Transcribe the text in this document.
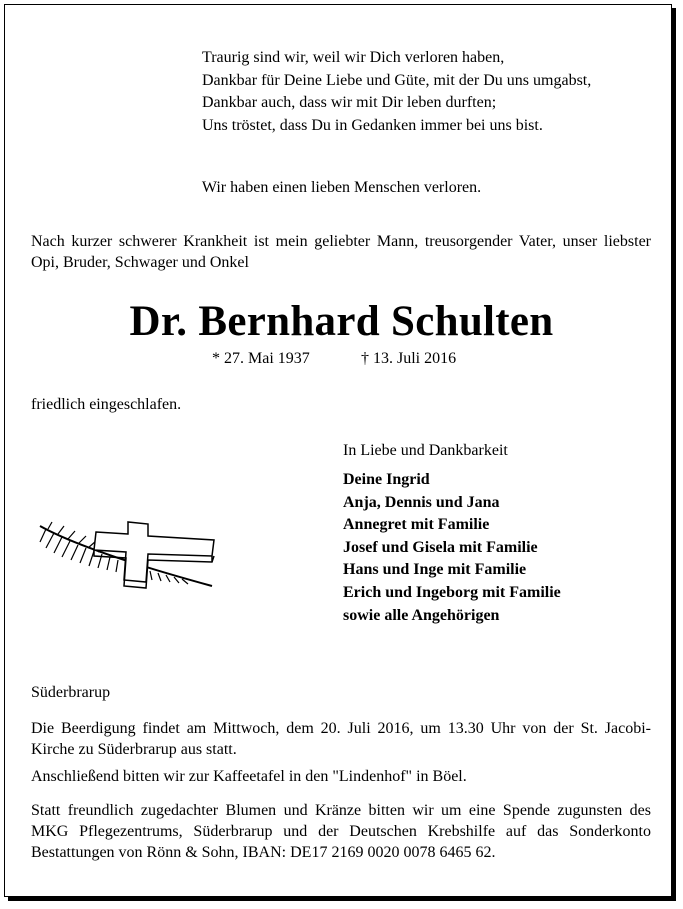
Traurig sind wir, weil wir Dich verloren haben,
Dankbar für Deine Liebe und Güte, mit der Du uns umgabst,
Dankbar auch, dass wir mit Dir leben durften;
Uns tröstet, dass Du in Gedanken immer bei uns bist.
Wir haben einen lieben Menschen verloren.
Nach kurzer schwerer Krankheit ist mein geliebter Mann, treusorgender Vater, unser liebster Opi, Bruder, Schwager und Onkel
Dr. Bernhard Schulten
* 27. Mai 1937	† 13. Juli 2016
friedlich eingeschlafen.
In Liebe und Dankbarkeit
Deine Ingrid
Anja, Dennis und Jana
Annegret mit Familie
Josef und Gisela mit Familie
Hans und Inge mit Familie
Erich und Ingeborg mit Familie
sowie alle Angehörigen
Süderbrarup
Die Beerdigung findet am Mittwoch, dem 20. Juli 2016, um 13.30 Uhr von der St. Jacobi-Kirche zu Süderbrarup aus statt.
Anschließend bitten wir zur Kaffeetafel in den "Lindenhof" in Böel.
Statt freundlich zugedachter Blumen und Kränze bitten wir um eine Spende zugunsten des MKG Pflegezentrums, Süderbrarup und der Deutschen Krebshilfe auf das Sonderkonto Bestattungen von Rönn & Sohn, IBAN: DE17 2169 0020 0078 6465 62.
